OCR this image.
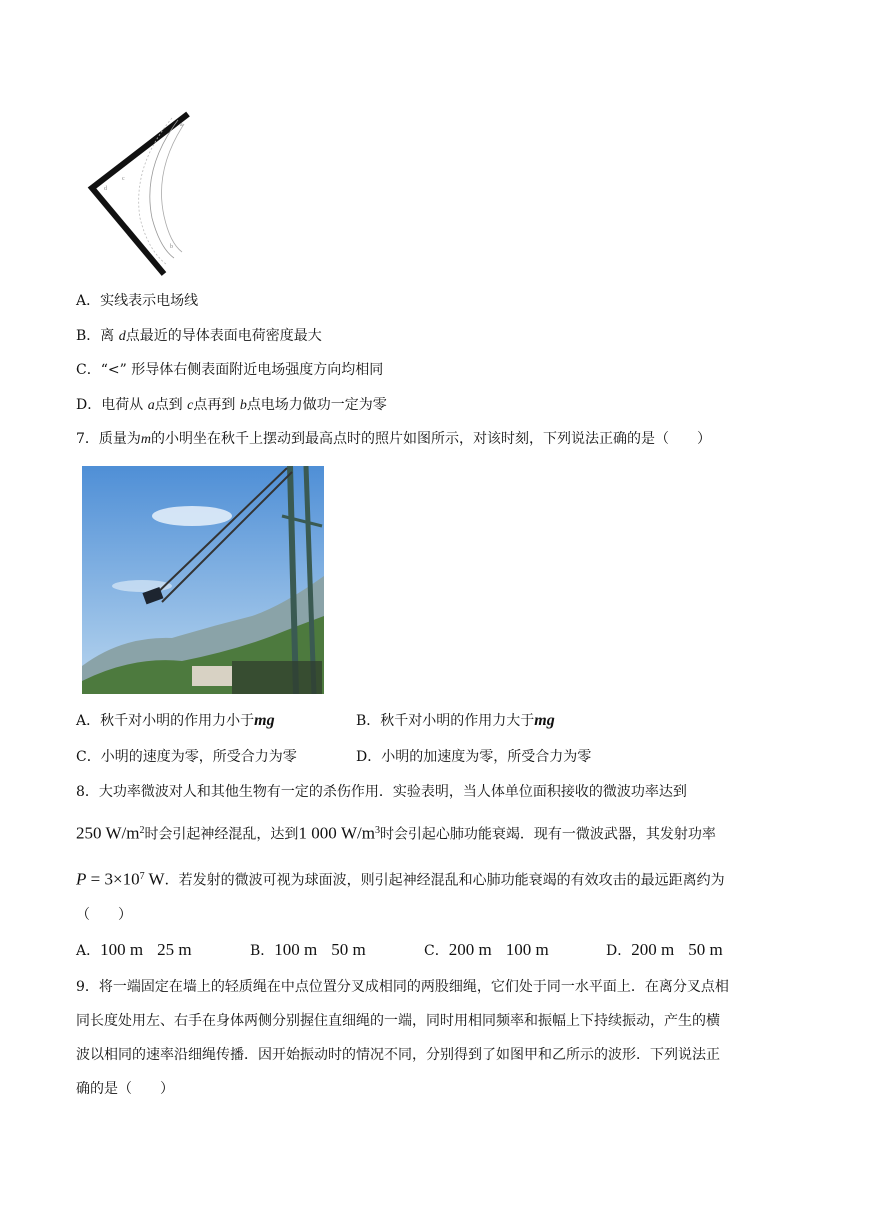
a
c
d
b
A．实线表示电场线
B．离 d点最近的导体表面电荷密度最大
C．“<” 形导体右侧表面附近电场强度方向均相同
D．电荷从 a点到 c点再到 b点电场力做功一定为零
7．质量为m的小明坐在秋千上摆动到最高点时的照片如图所示，对该时刻，下列说法正确的是（　　）
A．秋千对小明的作用力小于mg	B．秋千对小明的作用力大于mg
C．小明的速度为零，所受合力为零	D．小明的加速度为零，所受合力为零
8．大功率微波对人和其他生物有一定的杀伤作用．实验表明，当人体单位面积接收的微波功率达到
250 $W/m^2$时会引起神经混乱，达到1 000 $W/m^3$时会引起心肺功能衰竭．现有一微波武器，其发射功率
$P = 3\times 10^7$ W．若发射的微波可视为球面波，则引起神经混乱和心肺功能衰竭的有效攻击的最远距离约为
（　　）
A．100 m 25 m	B．100 m 50 m	C．200 m 100 m	D．200 m 50 m
9．将一端固定在墙上的轻质绳在中点位置分叉成相同的两股细绳，它们处于同一水平面上．在离分叉点相
同长度处用左、右手在身体两侧分别握住直细绳的一端，同时用相同频率和振幅上下持续振动，产生的横
波以相同的速率沿细绳传播．因开始振动时的情况不同，分别得到了如图甲和乙所示的波形．下列说法正
确的是（　　）
